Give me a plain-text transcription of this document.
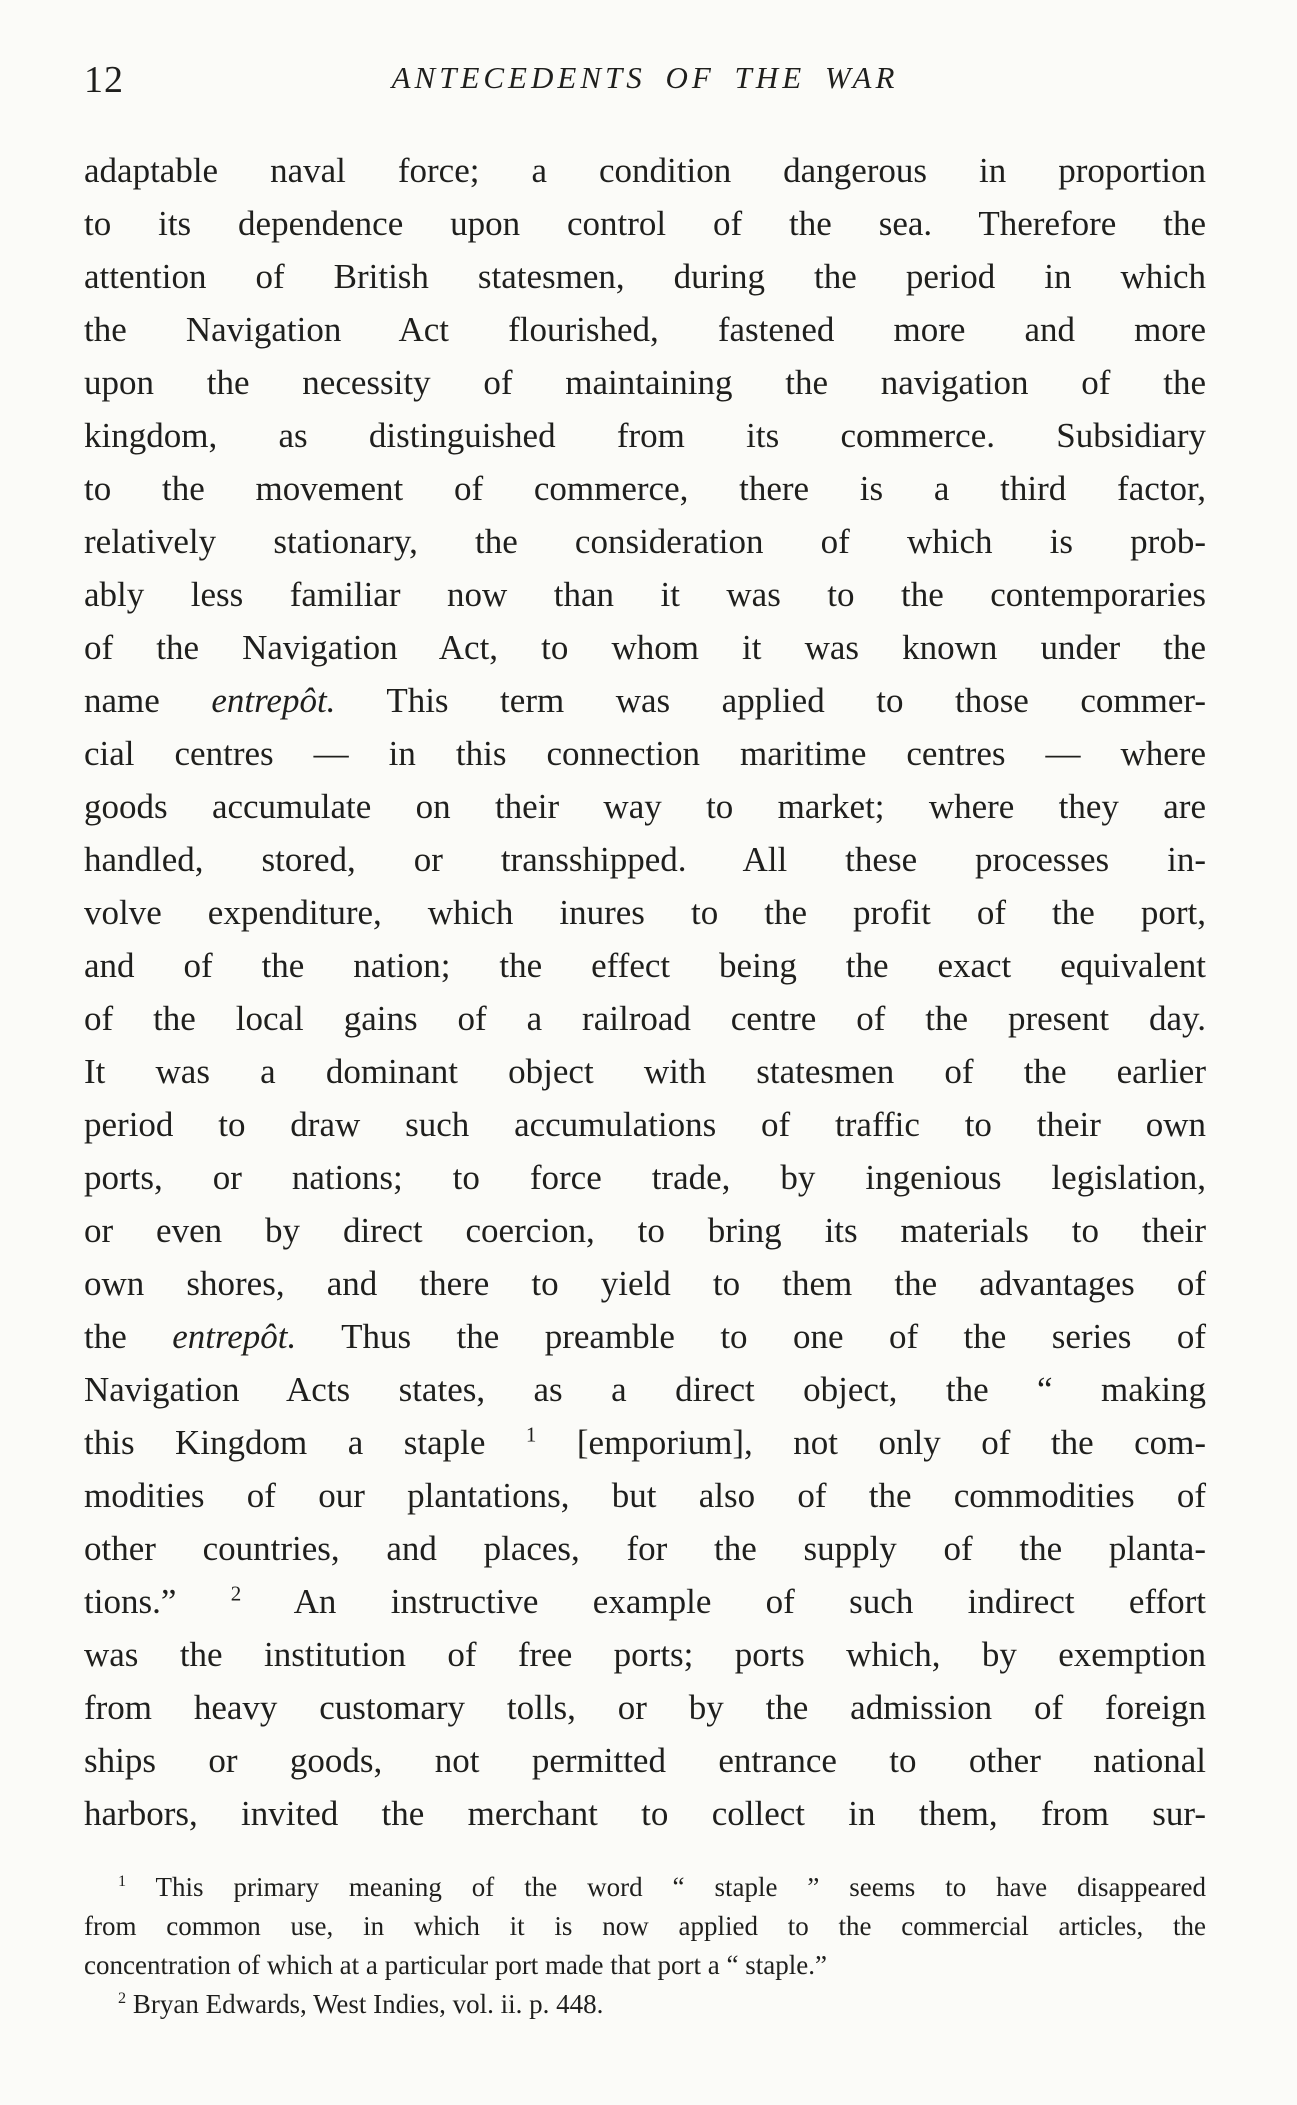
12	ANTECEDENTS OF THE WAR
adaptable naval force; a condition dangerous in proportion
to its dependence upon control of the sea. Therefore the
attention of British statesmen, during the period in which
the Navigation Act flourished, fastened more and more
upon the necessity of maintaining the navigation of the
kingdom, as distinguished from its commerce. Subsidiary
to the movement of commerce, there is a third factor,
relatively stationary, the consideration of which is prob-
ably less familiar now than it was to the contemporaries
of the Navigation Act, to whom it was known under the
name entrepôt. This term was applied to those commer-
cial centres — in this connection maritime centres — where
goods accumulate on their way to market; where they are
handled, stored, or transshipped. All these processes in-
volve expenditure, which inures to the profit of the port,
and of the nation; the effect being the exact equivalent
of the local gains of a railroad centre of the present day.
It was a dominant object with statesmen of the earlier
period to draw such accumulations of traffic to their own
ports, or nations; to force trade, by ingenious legislation,
or even by direct coercion, to bring its materials to their
own shores, and there to yield to them the advantages of
the entrepôt. Thus the preamble to one of the series of
Navigation Acts states, as a direct object, the “ making
this Kingdom a staple $^1$ [emporium], not only of the com-
modities of our plantations, but also of the commodities of
other countries, and places, for the supply of the planta-
tions.” $^2$ An instructive example of such indirect effort
was the institution of free ports; ports which, by exemption
from heavy customary tolls, or by the admission of foreign
ships or goods, not permitted entrance to other national
harbors, invited the merchant to collect in them, from sur-
$^1$ This primary meaning of the word “ staple ” seems to have disappeared
from common use, in which it is now applied to the commercial articles, the
concentration of which at a particular port made that port a “ staple.”
$^2$ Bryan Edwards, West Indies, vol. ii. p. 448.
